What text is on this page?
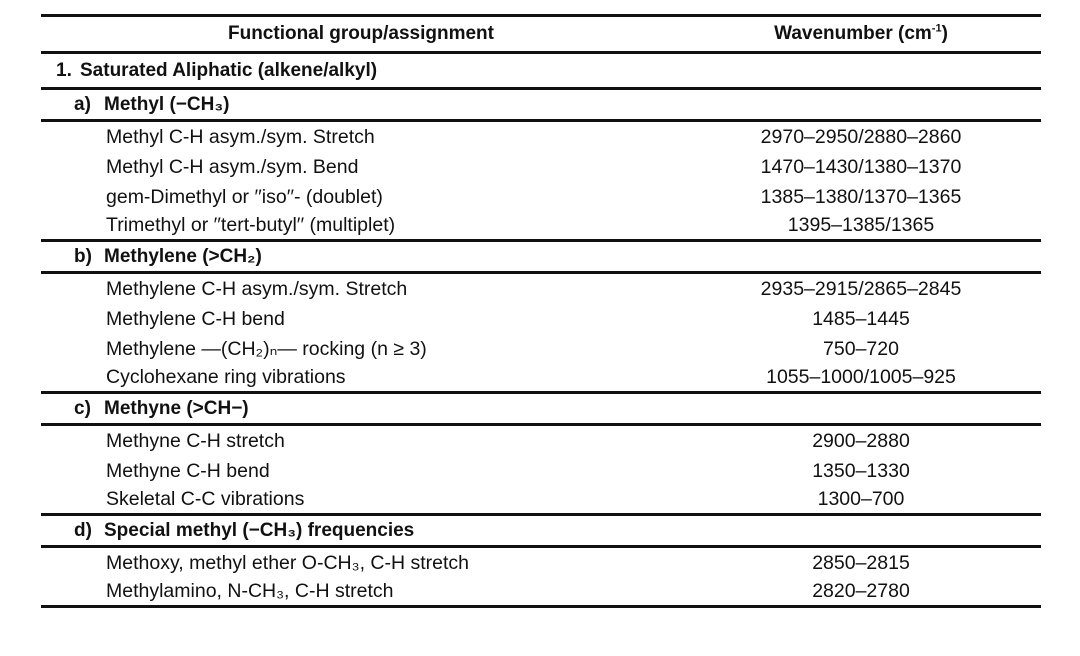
Functional group/assignment	Wavenumber $(cm^{-1})$
1. Saturated Aliphatic (alkene/alkyl)
a) Methyl (−CH₃)
Methyl C-H asym./sym. Stretch	2970–2950/2880–2860
Methyl C-H asym./sym. Bend	1470–1430/1380–1370
gem-Dimethyl or ′′iso′′- (doublet)	1385–1380/1370–1365
Trimethyl or ′′tert-butyl′′ (multiplet)	1395–1385/1365
b) Methylene (>CH₂)
Methylene C-H asym./sym. Stretch	2935–2915/2865–2845
Methylene C-H bend	1485–1445
Methylene —(CH₂)ₙ— rocking (n ≥ 3)	750–720
Cyclohexane ring vibrations	1055–1000/1005–925
c) Methyne (>CH−)
Methyne C-H stretch	2900–2880
Methyne C-H bend	1350–1330
Skeletal C-C vibrations	1300–700
d) Special methyl (−CH₃) frequencies
Methoxy, methyl ether O-CH₃, C-H stretch	2850–2815
Methylamino, N-CH₃, C-H stretch	2820–2780
